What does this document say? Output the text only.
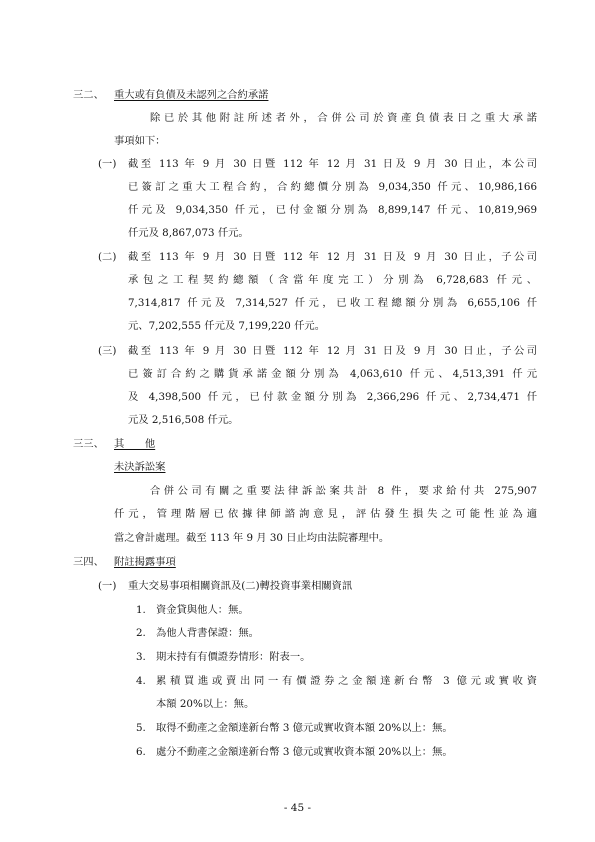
三二、 重大或有負債及未認列之合約承諾
除已於其他附註所述者外，合併公司於資產負債表日之重大承諾
事項如下：
(一) 截至 113 年 9 月 30 日暨 112 年 12 月 31 日及 9 月 30 日止，本公司
已簽訂之重大工程合約，合約總價分別為 9,034,350 仟元、10,986,166
仟元及 9,034,350 仟元，已付金額分別為 8,899,147 仟元、10,819,969
仟元及 8,867,073 仟元。
(二) 截至 113 年 9 月 30 日暨 112 年 12 月 31 日及 9 月 30 日止，子公司
承包之工程契約總額（含當年度完工）分別為 6,728,683 仟元、
7,314,817 仟元及 7,314,527 仟元，已收工程總額分別為 6,655,106 仟
元、7,202,555 仟元及 7,199,220 仟元。
(三) 截至 113 年 9 月 30 日暨 112 年 12 月 31 日及 9 月 30 日止，子公司
已簽訂合約之購貨承諾金額分別為 4,063,610 仟元、4,513,391 仟元
及 4,398,500 仟元，已付款金額分別為 2,366,296 仟元、2,734,471 仟
元及 2,516,508 仟元。
三三、 其　　他
未決訴訟案
合併公司有關之重要法律訴訟案共計 8 件，要求給付共 275,907
仟元，管理階層已依據律師諮詢意見，評估發生損失之可能性並為適
當之會計處理。截至 113 年 9 月 30 日止均由法院審理中。
三四、 附註揭露事項
(一) 重大交易事項相關資訊及(二)轉投資事業相關資訊
1. 資金貸與他人：無。
2. 為他人背書保證：無。
3. 期末持有有價證券情形：附表一。
4. 累積買進或賣出同一有價證券之金額達新台幣 3 億元或實收資
本額 20%以上：無。
5. 取得不動產之金額達新台幣 3 億元或實收資本額 20%以上：無。
6. 處分不動產之金額達新台幣 3 億元或實收資本額 20%以上：無。
- 45 -
